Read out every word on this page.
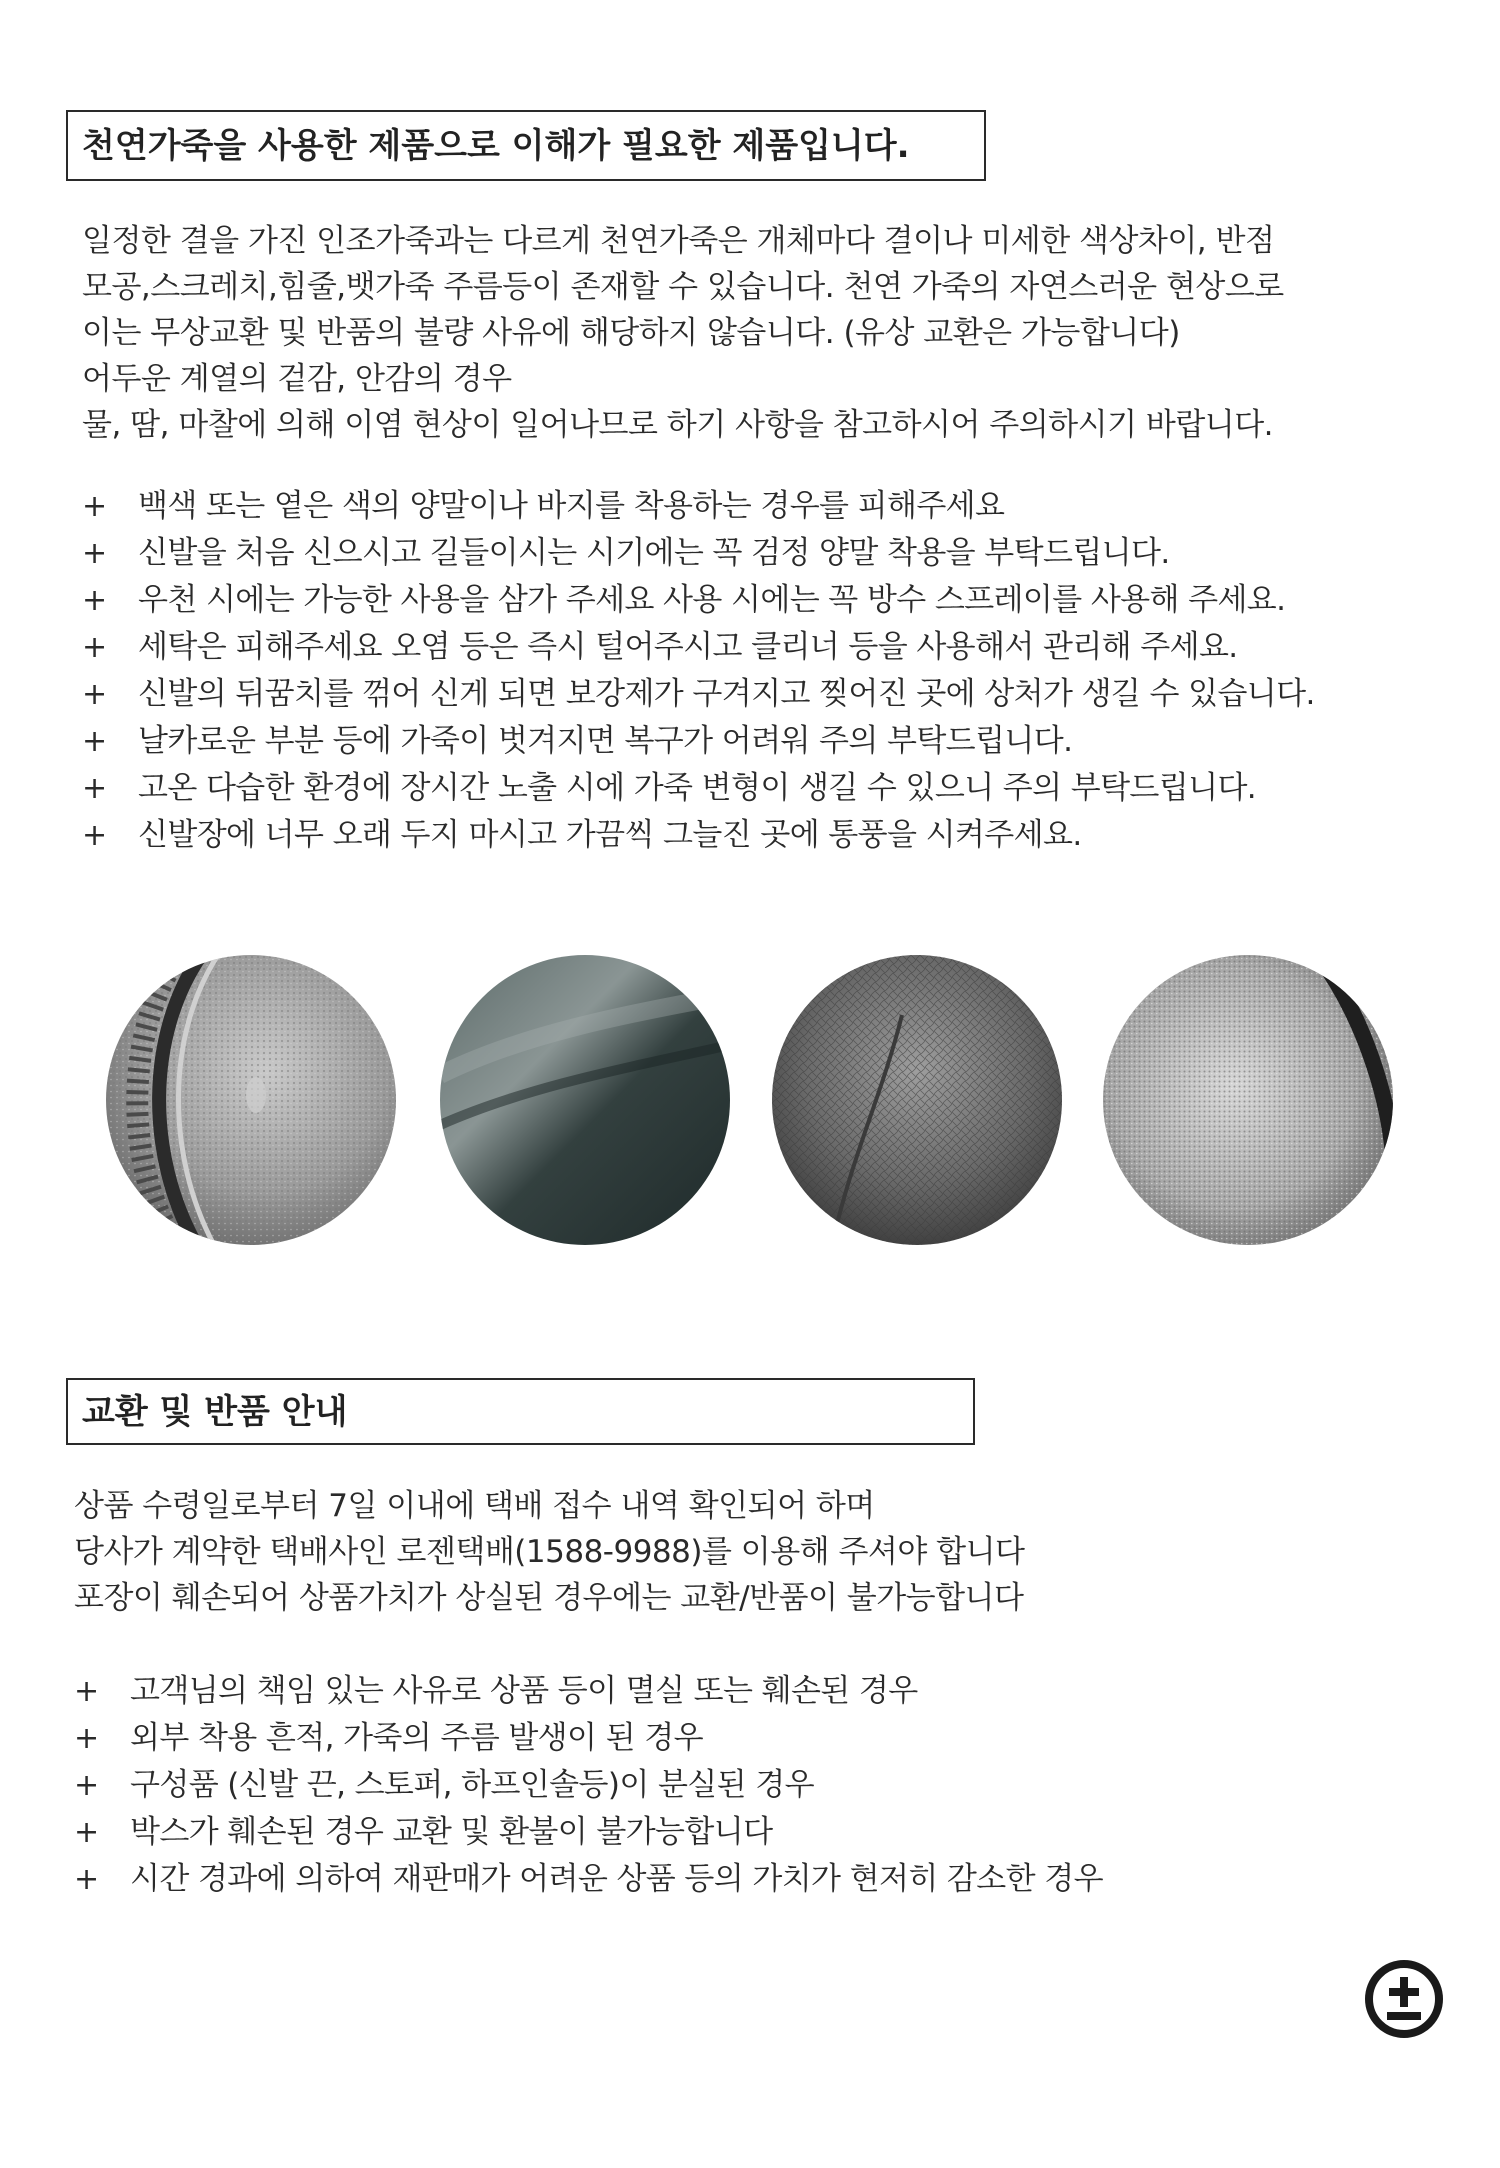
천연가죽을 사용한 제품으로 이해가 필요한 제품입니다.
일정한 결을 가진 인조가죽과는 다르게 천연가죽은 개체마다 결이나 미세한 색상차이, 반점
모공,스크레치,힘줄,뱃가죽 주름등이 존재할 수 있습니다. 천연 가죽의 자연스러운 현상으로
이는 무상교환 및 반품의 불량 사유에 해당하지 않습니다. (유상 교환은 가능합니다)
어두운 계열의 겉감, 안감의 경우
물, 땀, 마찰에 의해 이염 현상이 일어나므로 하기 사항을 참고하시어 주의하시기 바랍니다.
+	백색 또는 옅은 색의 양말이나 바지를 착용하는 경우를 피해주세요
+	신발을 처음 신으시고 길들이시는 시기에는 꼭 검정 양말 착용을 부탁드립니다.
+	우천 시에는 가능한 사용을 삼가 주세요 사용 시에는 꼭 방수 스프레이를 사용해 주세요.
+	세탁은 피해주세요 오염 등은 즉시 털어주시고 클리너 등을 사용해서 관리해 주세요.
+	신발의 뒤꿈치를 꺾어 신게 되면 보강제가 구겨지고 찢어진 곳에 상처가 생길 수 있습니다.
+	날카로운 부분 등에 가죽이 벗겨지면 복구가 어려워 주의 부탁드립니다.
+	고온 다습한 환경에 장시간 노출 시에 가죽 변형이 생길 수 있으니 주의 부탁드립니다.
+	신발장에 너무 오래 두지 마시고 가끔씩 그늘진 곳에 통풍을 시켜주세요.
교환 및 반품 안내
상품 수령일로부터 7일 이내에 택배 접수 내역 확인되어 하며
당사가 계약한 택배사인 로젠택배(1588-9988)를 이용해 주셔야 합니다
포장이 훼손되어 상품가치가 상실된 경우에는 교환/반품이 불가능합니다
+	고객님의 책임 있는 사유로 상품 등이 멸실 또는 훼손된 경우
+	외부 착용 흔적, 가죽의 주름 발생이 된 경우
+	구성품 (신발 끈, 스토퍼, 하프인솔등)이 분실된 경우
+	박스가 훼손된 경우 교환 및 환불이 불가능합니다
+	시간 경과에 의하여 재판매가 어려운 상품 등의 가치가 현저히 감소한 경우
